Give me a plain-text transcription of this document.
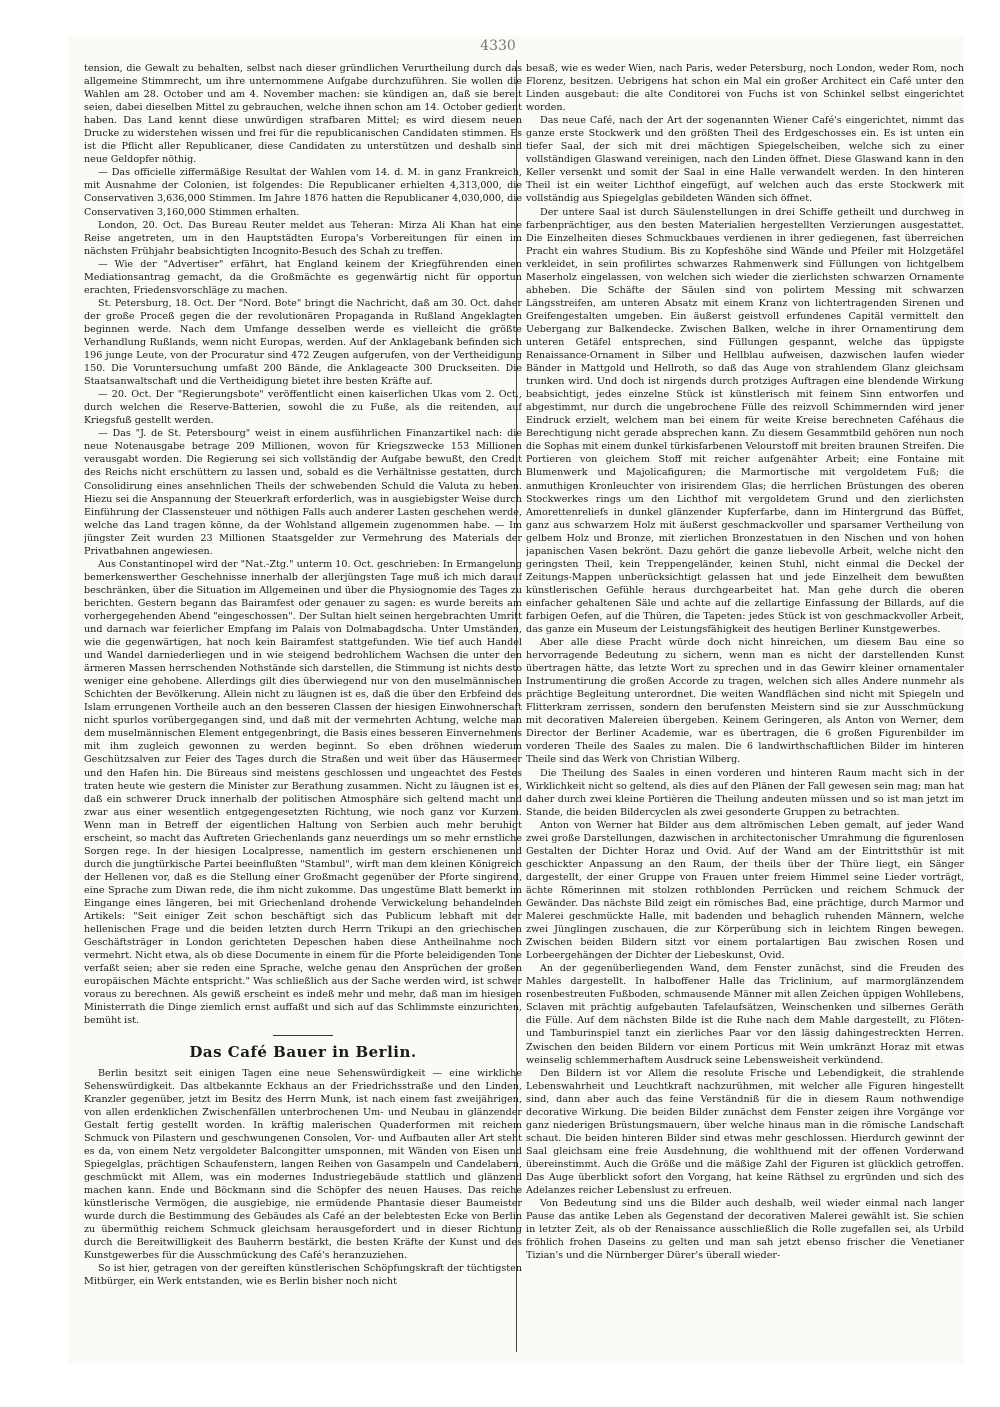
4330

tension, die Gewalt zu behalten, selbst nach dieser gründlichen Verurtheilung durch das allgemeine Stimmrecht, um ihre unternommene Aufgabe durchzuführen. Sie wollen die Wahlen am 28. October und am 4. November machen: sie kündigen an, daß sie bereit seien, dabei dieselben Mittel zu gebrauchen, welche ihnen schon am 14. October gedient haben. Das Land kennt diese unwürdigen strafbaren Mittel; es wird diesem neuen Drucke zu widerstehen wissen und frei für die republicanischen Candidaten stimmen. Es ist die Pflicht aller Republicaner, diese Candidaten zu unterstützen und deshalb sind neue Geldopfer nöthig.

— Das officielle ziffermäßige Resultat der Wahlen vom 14. d. M. in ganz Frankreich, mit Ausnahme der Colonien, ist folgendes: Die Republicaner erhielten 4,313,000, die Conservativen 3,636,000 Stimmen. Im Jahre 1876 hatten die Republicaner 4,030,000, die Conservativen 3,160,000 Stimmen erhalten.

London, 20. Oct. Das Bureau Reuter meldet aus Teheran: Mirza Ali Khan hat eine Reise angetreten, um in den Hauptstädten Europa's Vorbereitungen für einen im nächsten Frühjahr beabsichtigten Incognito-Besuch des Schah zu treffen.

— Wie der "Advertiser" erfährt, hat England keinem der Kriegführenden einen Mediationsantrag gemacht, da die Großmächte es gegenwärtig nicht für opportun erachten, Friedensvorschläge zu machen.

St. Petersburg, 18. Oct. Der "Nord. Bote" bringt die Nachricht, daß am 30. Oct. daher der große Proceß gegen die der revolutionären Propaganda in Rußland Angeklagten beginnen werde. Nach dem Umfange desselben werde es vielleicht die größte Verhandlung Rußlands, wenn nicht Europas, werden. Auf der Anklagebank befinden sich 196 junge Leute, von der Procuratur sind 472 Zeugen aufgerufen, von der Vertheidigung 150. Die Voruntersuchung umfaßt 200 Bände, die Anklageacte 300 Druckseiten. Die Staatsanwaltschaft und die Vertheidigung bietet ihre besten Kräfte auf.

— 20. Oct. Der "Regierungsbote" veröffentlicht einen kaiserlichen Ukas vom 2. Oct., durch welchen die Reserve-Batterien, sowohl die zu Fuße, als die reitenden, auf Kriegsfuß gestellt werden.

— Das "J. de St. Petersbourg" weist in einem ausführlichen Finanzartikel nach: die neue Notenausgabe betrage 209 Millionen, wovon für Kriegszwecke 153 Millionen verausgabt worden. Die Regierung sei sich vollständig der Aufgabe bewußt, den Credit des Reichs nicht erschüttern zu lassen und, sobald es die Verhältnisse gestatten, durch Consolidirung eines ansehnlichen Theils der schwebenden Schuld die Valuta zu heben. Hiezu sei die Anspannung der Steuerkraft erforderlich, was in ausgiebigster Weise durch Einführung der Classensteuer und nöthigen Falls auch anderer Lasten geschehen werde, welche das Land tragen könne, da der Wohlstand allgemein zugenommen habe. — Im jüngster Zeit wurden 23 Millionen Staatsgelder zur Vermehrung des Materials der Privatbahnen angewiesen.

Aus Constantinopel wird der "Nat.-Ztg." unterm 10. Oct. geschrieben: In Ermangelung bemerkenswerther Geschehnisse innerhalb der allerjüngsten Tage muß ich mich darauf beschränken, über die Situation im Allgemeinen und über die Physiognomie des Tages zu berichten. Gestern begann das Bairamfest oder genauer zu sagen: es wurde bereits am vorhergegehenden Abend "eingeschossen". Der Sultan hielt seinen hergebrachten Umritt und darnach war feierlicher Empfang im Palais von Dolmabagdscha. Unter Umständen, wie die gegenwärtigen, hat noch kein Bairamfest stattgefunden. Wie tief auch Handel und Wandel darniederliegen und in wie steigend bedrohlichem Wachsen die unter den ärmeren Massen herrschenden Nothstände sich darstellen, die Stimmung ist nichts desto weniger eine gehobene. Allerdings gilt dies überwiegend nur von den muselmännischen Schichten der Bevölkerung. Allein nicht zu läugnen ist es, daß die über den Erbfeind des Islam errungenen Vortheile auch an den besseren Classen der hiesigen Einwohnerschaft nicht spurlos vorübergegangen sind, und daß mit der vermehrten Achtung, welche man dem muselmännischen Element entgegenbringt, die Basis eines besseren Einvernehmens mit ihm zugleich gewonnen zu werden beginnt. So eben dröhnen wiederum Geschützsalven zur Feier des Tages durch die Straßen und weit über das Häusermeer und den Hafen hin. Die Büreaus sind meistens geschlossen und ungeachtet des Festes traten heute wie gestern die Minister zur Berathung zusammen. Nicht zu läugnen ist es, daß ein schwerer Druck innerhalb der politischen Atmosphäre sich geltend macht und zwar aus einer wesentlich entgegengesetzten Richtung, wie noch ganz vor Kurzem. Wenn man in Betreff der eigentlichen Haltung von Serbien auch mehr beruhigt erscheint, so macht das Auftreten Griechenlands ganz neuerdings um so mehr ernstliche Sorgen rege. In der hiesigen Localpresse, namentlich im gestern erschienenen und durch die jungtürkische Partei beeinflußten "Stambul", wirft man dem kleinen Königreich der Hellenen vor, daß es die Stellung einer Großmacht gegenüber der Pforte singirend, eine Sprache zum Diwan rede, die ihm nicht zukomme. Das ungestüme Blatt bemerkt im Eingange eines längeren, bei mit Griechenland drohende Verwickelung behandelnden Artikels: "Seit einiger Zeit schon beschäftigt sich das Publicum lebhaft mit der hellenischen Frage und die beiden letzten durch Herrn Trikupi an den griechischen Geschäftsträger in London gerichteten Depeschen haben diese Antheilnahme noch vermehrt. Nicht etwa, als ob diese Documente in einem für die Pforte beleidigenden Tone verfaßt seien; aber sie reden eine Sprache, welche genau den Ansprüchen der großen europäischen Mächte entspricht." Was schließlich aus der Sache werden wird, ist schwer voraus zu berechnen. Als gewiß erscheint es indeß mehr und mehr, daß man im hiesigen Ministerrath die Dinge ziemlich ernst auffaßt und sich auf das Schlimmste einzurichten, bemüht ist.

Das Café Bauer in Berlin.

Berlin besitzt seit einigen Tagen eine neue Sehenswürdigkeit — eine wirkliche Sehenswürdigkeit. Das altbekannte Eckhaus an der Friedrichsstraße und den Linden, Kranzler gegenüber, jetzt im Besitz des Herrn Munk, ist nach einem fast zweijährigen, von allen erdenklichen Zwischenfällen unterbrochenen Um- und Neubau in glänzender Gestalt fertig gestellt worden. In kräftig malerischen Quaderformen mit reichem Schmuck von Pilastern und geschwungenen Consolen, Vor- und Aufbauten aller Art steht es da, von einem Netz vergoldeter Balcongitter umsponnen, mit Wänden von Eisen und Spiegelglas, prächtigen Schaufenstern, langen Reihen von Gasampeln und Candelabern, geschmückt mit Allem, was ein modernes Industriegebäude stattlich und glänzend machen kann. Ende und Böckmann sind die Schöpfer des neuen Hauses. Das reiche künstlerische Vermögen, die ausgiebige, nie ermüdende Phantasie dieser Baumeister wurde durch die Bestimmung des Gebäudes als Café an der belebtesten Ecke von Berlin zu übermüthig reichem Schmuck gleichsam herausgefordert und in dieser Richtung durch die Bereitwilligkeit des Bauherrn bestärkt, die besten Kräfte der Kunst und des Kunstgewerbes für die Ausschmückung des Café's heranzuziehen.

So ist hier, getragen von der gereiften künstlerischen Schöpfungskraft der tüchtigsten Mitbürger, ein Werk entstanden, wie es Berlin bisher noch nicht

besaß, wie es weder Wien, nach Paris, weder Petersburg, noch London, weder Rom, noch Florenz, besitzen. Uebrigens hat schon ein Mal ein großer Architect ein Café unter den Linden ausgebaut: die alte Conditorei von Fuchs ist von Schinkel selbst eingerichtet worden.

Das neue Café, nach der Art der sogenannten Wiener Café's eingerichtet, nimmt das ganze erste Stockwerk und den größten Theil des Erdgeschosses ein. Es ist unten ein tiefer Saal, der sich mit drei mächtigen Spiegelscheiben, welche sich zu einer vollständigen Glaswand vereinigen, nach den Linden öffnet. Diese Glaswand kann in den Keller versenkt und somit der Saal in eine Halle verwandelt werden. In den hinteren Theil ist ein weiter Lichthof eingefügt, auf welchen auch das erste Stockwerk mit vollständig aus Spiegelglas gebildeten Wänden sich öffnet.

Der untere Saal ist durch Säulenstellungen in drei Schiffe getheilt und durchweg in farbenprächtiger, aus den besten Materialien hergestellten Verzierungen ausgestattet. Die Einzelheiten dieses Schmuckbaues verdienen in ihrer gediegenen, fast überreichen Pracht ein wahres Studium. Bis zu Kopfeshöhe sind Wände und Pfeiler mit Holzgetäfel verkleidet, in sein profilirtes schwarzes Rahmenwerk sind Füllungen von lichtgelbem Maserholz eingelassen, von welchen sich wieder die zierlichsten schwarzen Ornamente abheben. Die Schäfte der Säulen sind von polirtem Messing mit schwarzen Längsstreifen, am unteren Absatz mit einem Kranz von lichtertragenden Sirenen und Greifengestalten umgeben. Ein äußerst geistvoll erfundenes Capitäl vermittelt den Uebergang zur Balkendecke. Zwischen Balken, welche in ihrer Ornamentirung dem unteren Getäfel entsprechen, sind Füllungen gespannt, welche das üppigste Renaissance-Ornament in Silber und Hellblau aufweisen, dazwischen laufen wieder Bänder in Mattgold und Hellroth, so daß das Auge von strahlendem Glanz gleichsam trunken wird. Und doch ist nirgends durch protziges Auftragen eine blendende Wirkung beabsichtigt, jedes einzelne Stück ist künstlerisch mit feinem Sinn entworfen und abgestimmt, nur durch die ungebrochene Fülle des reizvoll Schimmernden wird jener Eindruck erzielt, welchem man bei einem für weite Kreise berechneten Caféhaus die Berechtigung nicht gerade absprechen kann. Zu diesem Gesammtbild gehören nun noch die Sophas mit einem dunkel türkisfarbenen Velourstoff mit breiten braunen Streifen. Die Portieren von gleichem Stoff mit reicher aufgenähter Arbeit; eine Fontaine mit Blumenwerk und Majolicafiguren; die Marmortische mit vergoldetem Fuß; die anmuthigen Kronleuchter von irisirendem Glas; die herrlichen Brüstungen des oberen Stockwerkes rings um den Lichthof mit vergoldetem Grund und den zierlichsten Amorettenreliefs in dunkel glänzender Kupferfarbe, dann im Hintergrund das Büffet, ganz aus schwarzem Holz mit äußerst geschmackvoller und sparsamer Vertheilung von gelbem Holz und Bronze, mit zierlichen Bronzestatuen in den Nischen und von hohen japanischen Vasen bekrönt. Dazu gehört die ganze liebevolle Arbeit, welche nicht den geringsten Theil, kein Treppengeländer, keinen Stuhl, nicht einmal die Deckel der Zeitungs-Mappen unberücksichtigt gelassen hat und jede Einzelheit dem bewußten künstlerischen Gefühle heraus durchgearbeitet hat. Man gehe durch die oberen einfacher gehaltenen Säle und achte auf die zellartige Einfassung der Billards, auf die farbigen Oefen, auf die Thüren, die Tapeten: jedes Stück ist von geschmackvoller Arbeit, das ganze ein Museum der Leistungsfähigkeit des heutigen Berliner Kunstgewerbes.

Aber alle diese Pracht würde doch nicht hinreichen, um diesem Bau eine so hervorragende Bedeutung zu sichern, wenn man es nicht der darstellenden Kunst übertragen hätte, das letzte Wort zu sprechen und in das Gewirr kleiner ornamentaler Instrumentirung die großen Accorde zu tragen, welchen sich alles Andere nunmehr als prächtige Begleitung unterordnet. Die weiten Wandflächen sind nicht mit Spiegeln und Flitterkram zerrissen, sondern den berufensten Meistern sind sie zur Ausschmückung mit decorativen Malereien übergeben. Keinem Geringeren, als Anton von Werner, dem Director der Berliner Academie, war es übertragen, die 6 großen Figurenbilder im vorderen Theile des Saales zu malen. Die 6 landwirthschaftlichen Bilder im hinteren Theile sind das Werk von Christian Wilberg.

Die Theilung des Saales in einen vorderen und hinteren Raum macht sich in der Wirklichkeit nicht so geltend, als dies auf den Plänen der Fall gewesen sein mag; man hat daher durch zwei kleine Portièren die Theilung andeuten müssen und so ist man jetzt im Stande, die beiden Bildercyclen als zwei gesonderte Gruppen zu betrachten.

Anton von Werner hat Bilder aus dem altrömischen Leben gemalt, auf jeder Wand zwei große Darstellungen, dazwischen in architectonischer Umrahmung die figurenlosen Gestalten der Dichter Horaz und Ovid. Auf der Wand am der Eintrittsthür ist mit geschickter Anpassung an den Raum, der theils über der Thüre liegt, ein Sänger dargestellt, der einer Gruppe von Frauen unter freiem Himmel seine Lieder vorträgt, ächte Römerinnen mit stolzen rothblonden Perrücken und reichem Schmuck der Gewänder. Das nächste Bild zeigt ein römisches Bad, eine prächtige, durch Marmor und Malerei geschmückte Halle, mit badenden und behaglich ruhenden Männern, welche zwei Jünglingen zuschauen, die zur Körperübung sich in leichtem Ringen bewegen. Zwischen beiden Bildern sitzt vor einem portalartigen Bau zwischen Rosen und Lorbeergehängen der Dichter der Liebeskunst, Ovid.

An der gegenüberliegenden Wand, dem Fenster zunächst, sind die Freuden des Mahles dargestellt. In halboffener Halle das Triclinium, auf marmorglänzendem rosenbestreuten Fußboden, schmausende Männer mit allen Zeichen üppigen Wohllebens, Sclaven mit prächtig aufgebauten Tafelaufsätzen, Weinschenken und silbernes Geräth die Fülle. Auf dem nächsten Bilde ist die Ruhe nach dem Mahle dargestellt, zu Flöten- und Tamburinspiel tanzt ein zierliches Paar vor den lässig dahingestreckten Herren. Zwischen den beiden Bildern vor einem Porticus mit Wein umkränzt Horaz mit etwas weinselig schlemmerhaftem Ausdruck seine Lebensweisheit verkündend.

Den Bildern ist vor Allem die resolute Frische und Lebendigkeit, die strahlende Lebenswahrheit und Leuchtkraft nachzurühmen, mit welcher alle Figuren hingestellt sind, dann aber auch das feine Verständniß für die in diesem Raum nothwendige decorative Wirkung. Die beiden Bilder zunächst dem Fenster zeigen ihre Vorgänge vor ganz niederigen Brüstungsmauern, über welche hinaus man in die römische Landschaft schaut. Die beiden hinteren Bilder sind etwas mehr geschlossen. Hierdurch gewinnt der Saal gleichsam eine freie Ausdehnung, die wohlthuend mit der offenen Vorderwand übereinstimmt. Auch die Größe und die mäßige Zahl der Figuren ist glücklich getroffen. Das Auge überblickt sofort den Vorgang, hat keine Räthsel zu ergründen und sich des Adelanzes reicher Lebenslust zu erfreuen.

Von Bedeutung sind uns die Bilder auch deshalb, weil wieder einmal nach langer Pause das antike Leben als Gegenstand der decorativen Malerei gewählt ist. Sie schien in letzter Zeit, als ob der Renaissance ausschließlich die Rolle zugefallen sei, als Urbild fröhlich frohen Daseins zu gelten und man sah jetzt ebenso frischer die Venetianer Tizian's und die Nürnberger Dürer's überall wieder-
